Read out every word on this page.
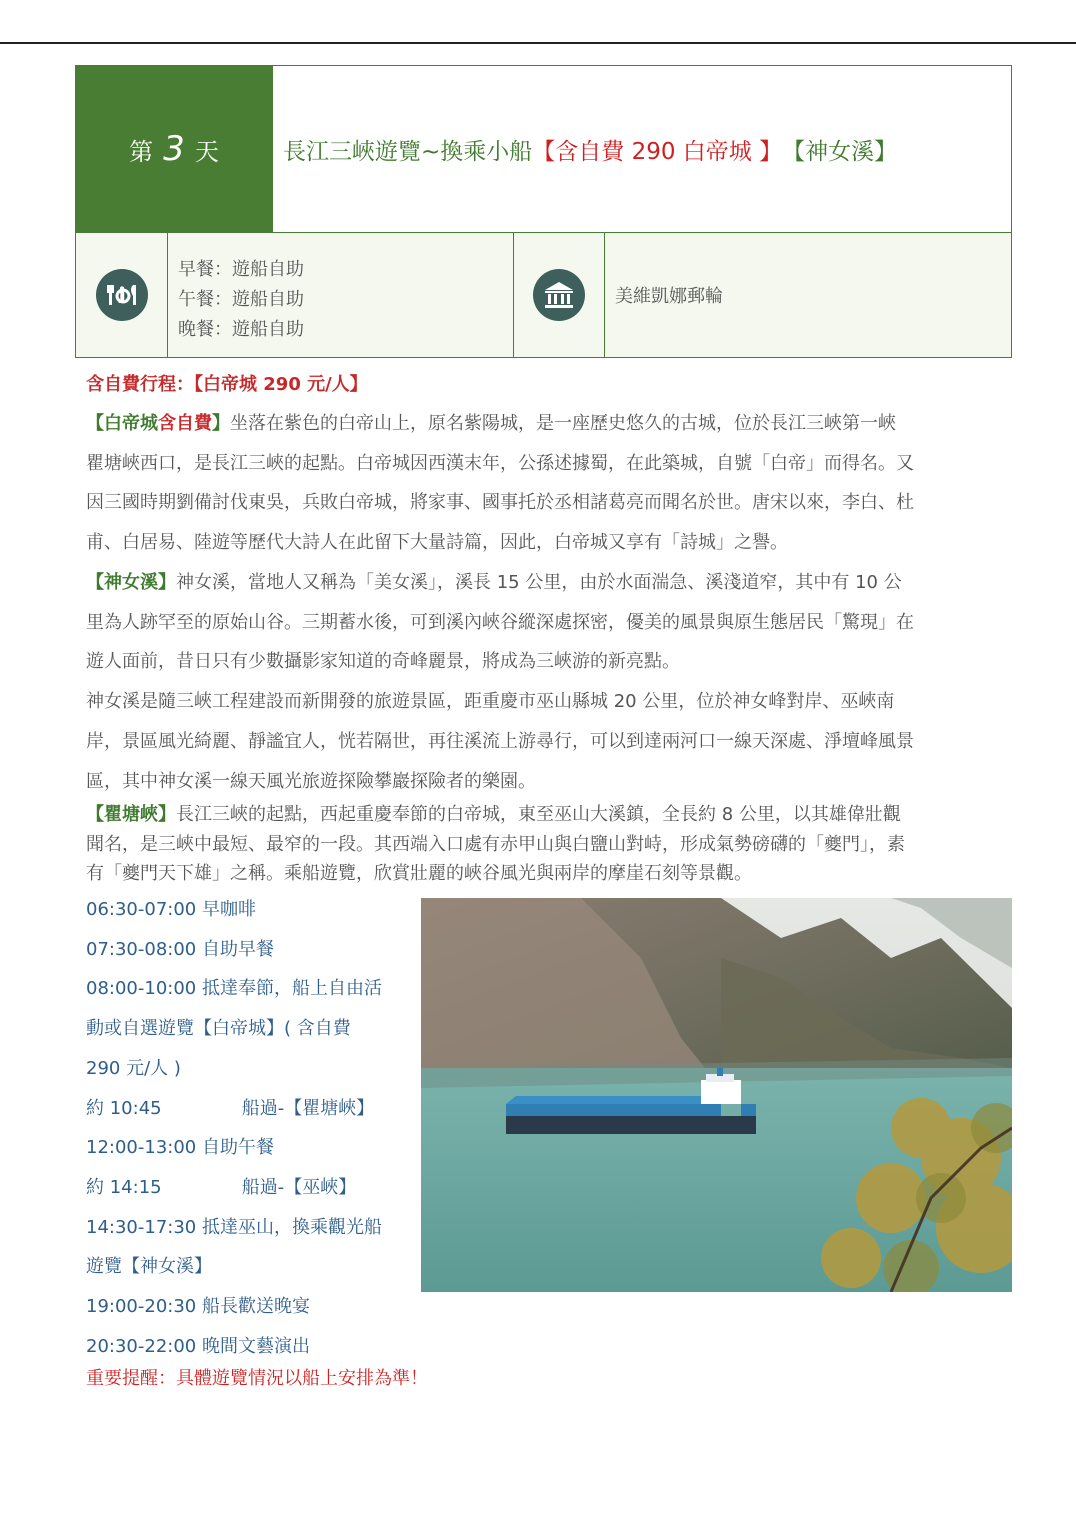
第 3 天	長江三峽遊覽~換乘小船 【含自費 290 白帝城 】 【神女溪】
ℹ
早餐：遊船自助
午餐：遊船自助
晚餐：遊船自助
美維凱娜郵輪
含自費行程：【白帝城 290 元/人】

【白帝城含自費】坐落在紫色的白帝山上，原名紫陽城，是一座歷史悠久的古城，位於長江三峽第一峽

瞿塘峽西口，是長江三峽的起點。白帝城因西漢末年，公孫述據蜀，在此築城，自號「白帝」而得名。又

因三國時期劉備討伐東吳，兵敗白帝城，將家事、國事托於丞相諸葛亮而聞名於世。唐宋以來，李白、杜

甫、白居易、陸遊等歷代大詩人在此留下大量詩篇，因此，白帝城又享有「詩城」之譽。

【神女溪】神女溪，當地人又稱為「美女溪」，溪長 15 公里，由於水面湍急、溪淺道窄，其中有 10 公

里為人跡罕至的原始山谷。三期蓄水後，可到溪內峽谷縱深處探密，優美的風景與原生態居民「驚現」在

遊人面前，昔日只有少數攝影家知道的奇峰麗景，將成為三峽游的新亮點。

神女溪是隨三峽工程建設而新開發的旅遊景區，距重慶市巫山縣城 20 公里，位於神女峰對岸、巫峽南

岸，景區風光綺麗、靜謐宜人，恍若隔世，再往溪流上游尋行，可以到達兩河口一線天深處、淨壇峰風景

區，其中神女溪一線天風光旅遊探險攀巖探險者的樂園。

【瞿塘峽】長江三峽的起點，西起重慶奉節的白帝城，東至巫山大溪鎮，全長約 8 公里，以其雄偉壯觀
聞名，是三峽中最短、最窄的一段。其西端入口處有赤甲山與白鹽山對峙，形成氣勢磅礴的「夔門」，素
有「夔門天下雄」之稱。乘船遊覽，欣賞壯麗的峽谷風光與兩岸的摩崖石刻等景觀。
06:30-07:00 早咖啡
07:30-08:00 自助早餐
08:00-10:00 抵達奉節，船上自由活
動或自選遊覽【白帝城】( 含自費
290 元/人 )
約 10:45              船過-【瞿塘峽】
12:00-13:00 自助午餐
約 14:15              船過-【巫峽】
14:30-17:30 抵達巫山，換乘觀光船
遊覽【神女溪】
19:00-20:30 船長歡送晚宴
20:30-22:00 晚間文藝演出
重要提醒：具體遊覽情況以船上安排為準！
